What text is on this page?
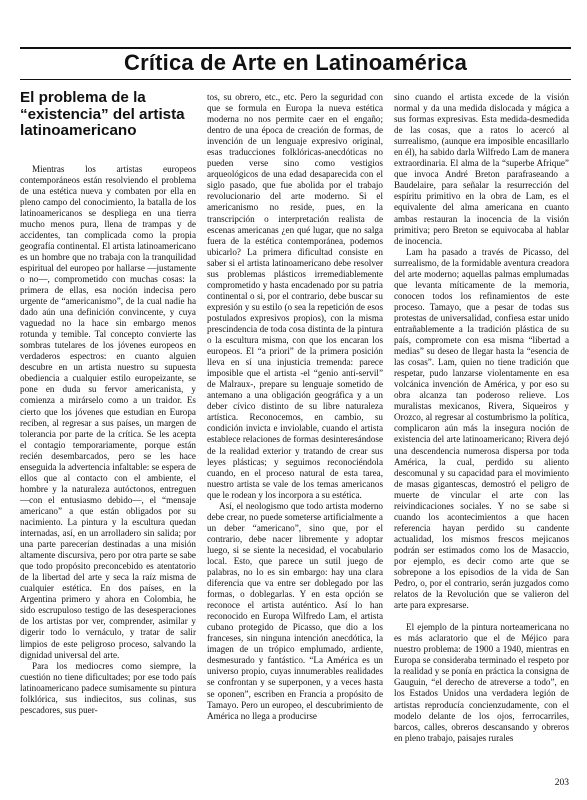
Crítica de Arte en Latinoamérica
El problema de la “existencia” del artista latinoamericano

Mientras los artistas europeos contemporáneos están resolviendo el problema de una estética nueva y combaten por ella en pleno campo del conocimiento, la batalla de los latinoamericanos se despliega en una tierra mucho menos pura, llena de trampas y de accidentes, tan complicada como la propia geografía continental. El artista latinoamericano es un hombre que no trabaja con la tranquilidad espiritual del europeo por hallarse —justamente o no—, comprometido con muchas cosas: la primera de ellas, esa noción indecisa pero urgente de “americanismo”, de la cual nadie ha dado aún una definición convincente, y cuya vaguedad no la hace sin embargo menos rotunda y temible. Tal concepto convierte las sombras tutelares de los jóvenes europeos en verdaderos espectros: en cuanto alguien descubre en un artista nuestro su supuesta obediencia a cualquier estilo europeizante, se pone en duda su fervor americanista, y comienza a mirárselo como a un traidor. Es cierto que los jóvenes que estudian en Europa reciben, al regresar a sus países, un margen de tolerancia por parte de la crítica. Se les acepta el contagio temporariamente, porque están recién desembarcados, pero se les hace enseguida la advertencia infaltable: se espera de ellos que al contacto con el ambiente, el hombre y la naturaleza autóctonos, entreguen —con el entusiasmo debido—, el “mensaje americano” a que están obligados por su nacimiento. La pintura y la escultura quedan internadas, así, en un arrolladero sin salida; por una parte parecerían destinadas a una misión altamente discursiva, pero por otra parte se sabe que todo propósito preconcebido es atentatorio de la libertad del arte y seca la raíz misma de cualquier estética. En dos países, en la Argentina primero y ahora en Colombia, he sido escrupuloso testigo de las desesperaciones de los artistas por ver, comprender, asimilar y digerir todo lo vernáculo, y tratar de salir limpios de este peligroso proceso, salvando la dignidad universal del arte.

Para los mediocres como siempre, la cuestión no tiene dificultades; por ese todo país latinoamericano padece sumisamente su pintura folklórica, sus indiecitos, sus colinas, sus pescadores, sus puer-

tos, su obrero, etc., etc. Pero la seguridad con que se formula en Europa la nueva estética moderna no nos permite caer en el engaño; dentro de una época de creación de formas, de invención de un lenguaje expresivo original, esas traducciones folklóricas-anecdóticas no pueden verse sino como vestigios arqueológicos de una edad desaparecida con el siglo pasado, que fue abolida por el trabajo revolucionario del arte moderno. Si el americanismo no reside, pues, en la transcripción o interpretación realista de escenas americanas ¿en qué lugar, que no salga fuera de la estética contemporánea, podemos ubicarlo? La primera dificultad consiste en saber si el artista latinoamericano debe resolver sus problemas plásticos irremediablemente comprometido y hasta encadenado por su patria continental o si, por el contrario, debe buscar su expresión y su estilo (o sea la repetición de esos postulados expresivos propios), con la misma prescindencia de toda cosa distinta de la pintura o la escultura misma, con que los encaran los europeos. El “a priori” de la primera posición lleva en sí una injusticia tremenda: parece imposible que el artista -el “genio anti-servil” de Malraux-, prepare su lenguaje sometido de antemano a una obligación geográfica y a un deber cívico distinto de su libre naturaleza artística. Reconocemos, en cambio, su condición invicta e inviolable, cuando el artista establece relaciones de formas desinteresándose de la realidad exterior y tratando de crear sus leyes plásticas; y seguimos reconociéndola cuando, en el proceso natural de esta tarea, nuestro artista se vale de los temas americanos que le rodean y los incorpora a su estética.

Así, el neologismo que todo artista moderno debe crear, no puede someterse artificialmente a un deber “americano”, sino que, por el contrario, debe nacer libremente y adoptar luego, si se siente la necesidad, el vocabulario local. Esto, que parece un sutil juego de palabras, no lo es sin embargo: hay una clara diferencia que va entre ser doblegado por las formas, o doblegarlas. Y en esta opción se reconoce el artista auténtico. Así lo han reconocido en Europa Wilfredo Lam, el artista cubano protegido de Picasso, que dio a los franceses, sin ninguna intención anecdótica, la imagen de un trópico emplumado, ardiente, desmesurado y fantástico. “La América es un universo propio, cuyas innumerables realidades se confrontan y se superponen, y a veces hasta se oponen”, escriben en Francia a propósito de Tamayo. Pero un europeo, el descubrimiento de América no llega a producirse

sino cuando el artista excede de la visión normal y da una medida dislocada y mágica a sus formas expresivas. Esta medida-desmedida de las cosas, que a ratos lo acercó al surrealismo, (aunque era imposible encasillarlo en él), ha sabido darla Wilfredo Lam de manera extraordinaria. El alma de la “superbe Afrique” que invoca André Breton parafraseando a Baudelaire, para señalar la resurrección del espíritu primitivo en la obra de Lam, es el equivalente del alma americana en cuanto ambas restauran la inocencia de la visión primitiva; pero Breton se equivocaba al hablar de inocencia.

Lam ha pasado a través de Picasso, del surrealismo, de la formidable aventura creadora del arte moderno; aquellas palmas emplumadas que levanta míticamente de la memoria, conocen todos los refinamientos de este proceso. Tamayo, que a pesar de todas sus protestas de universalidad, confiesa estar unido entrañablemente a la tradición plástica de su país, compromete con esa misma “libertad a medias” su deseo de llegar hasta la “esencia de las cosas”. Lam, quien no tiene tradición que respetar, pudo lanzarse violentamente en esa volcánica invención de América, y por eso su obra alcanza tan poderoso relieve. Los muralistas mexicanos, Rivera, Siqueiros y Orozco, al regresar al costumbrismo la política, complicaron aún más la insegura noción de existencia del arte latinoamericano; Rivera dejó una descendencia numerosa dispersa por toda América, la cual, perdido su aliento descomunal y su capacidad para el movimiento de masas gigantescas, demostró el peligro de muerte de vincular el arte con las reivindicaciones sociales. Y no se sabe si cuando los acontecimientos a que hacen referencia hayan perdido su candente actualidad, los mismos frescos mejicanos podrán ser estimados como los de Masaccio, por ejemplo, es decir como arte que se sobrepone a los episodios de la vida de San Pedro, o, por el contrario, serán juzgados como relatos de la Revolución que se valieron del arte para expresarse.

El ejemplo de la pintura norteamericana no es más aclaratorio que el de Méjico para nuestro problema: de 1900 a 1940, mientras en Europa se consideraba terminado el respeto por la realidad y se ponía en práctica la consigna de Gauguin, “el derecho de atreverse a todo”, en los Estados Unidos una verdadera legión de artistas reproducía concienzudamente, con el modelo delante de los ojos, ferrocarriles, barcos, calles, obreros descansando y obreros en pleno trabajo, paisajes rurales

203
